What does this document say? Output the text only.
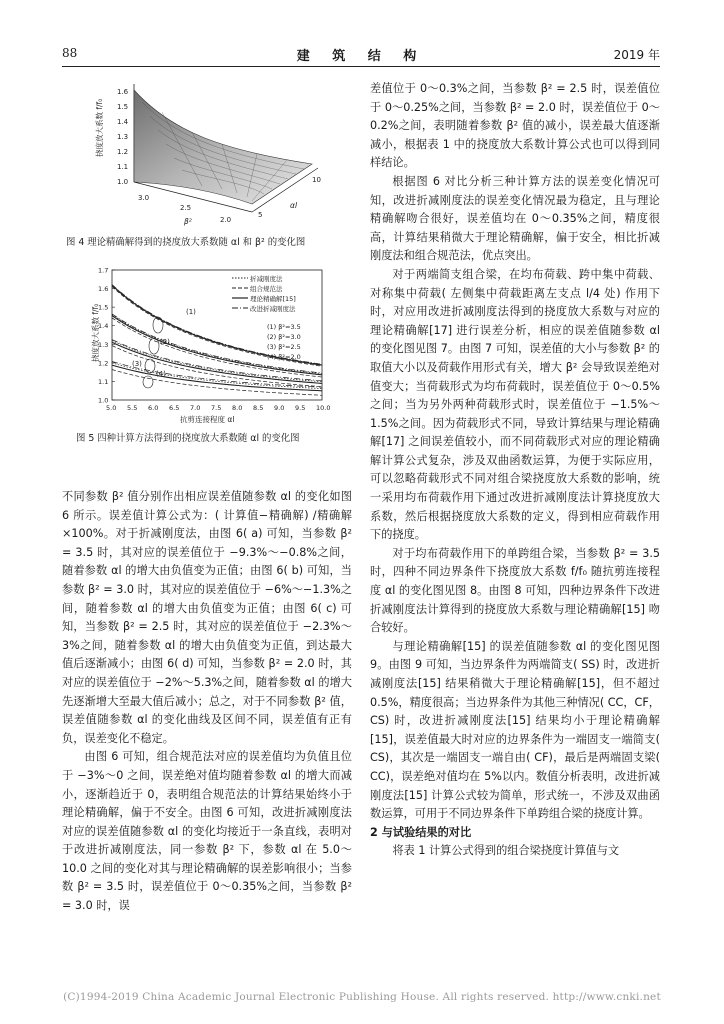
88	建 筑 结 构	2019 年
1.6
1.5
1.4
1.3
1.2
1.1
1.0
挠度放大系数 f/f₀
3.0
2.5
2.0
5
10
β²
αl
图 4 理论精确解得到的挠度放大系数随 αl 和 β² 的变化图
挠度放大系数 f/f₀
抗剪连接程度 αl
1.7
1.6
1.5
1.4
1.3
1.2
1.1
1.0
5.0 5.5 6.0 6.5 7.0 7.5 8.0 8.5 9.0 9.5 10.0
折减刚度法
组合规范法
理论精确解[15]
改进折减刚度法
(1) β²=3.5
(2) β²=3.0
(3) β²=2.5
(4) β²=2.0
(1)
(2)
(3)
(4)
图 5 四种计算方法得到的挠度放大系数随 αl 的变化图

不同参数 β² 值分别作出相应误差值随参数 αl 的变化如图 6 所示。误差值计算公式为：( 计算值−精确解) /精确解×100%。对于折减刚度法，由图 6( a) 可知，当参数 β² = 3.5 时，其对应的误差值位于 −9.3%～−0.8%之间，随着参数 αl 的增大由负值变为正值；由图 6( b) 可知，当参数 β² = 3.0 时，其对应的误差值位于 −6%～−1.3%之间，随着参数 αl 的增大由负值变为正值；由图 6( c) 可知，当参数 β² = 2.5 时，其对应的误差值位于 −2.3%～3%之间，随着参数 αl 的增大由负值变为正值，到达最大值后逐渐减小；由图 6( d) 可知，当参数 β² = 2.0 时，其对应的误差值位于 −2%～5.3%之间，随着参数 αl 的增大先逐渐增大至最大值后减小；总之，对于不同参数 β² 值，误差值随参数 αl 的变化曲线及区间不同，误差值有正有负，误差变化不稳定。

由图 6 可知，组合规范法对应的误差值均为负值且位于 −3%～0 之间，误差绝对值均随着参数 αl 的增大而减小，逐渐趋近于 0，表明组合规范法的计算结果始终小于理论精确解，偏于不安全。由图 6 可知，改进折减刚度法对应的误差值随参数 αl 的变化均接近于一条直线，表明对于改进折减刚度法，同一参数 β² 下，参数 αl 在 5.0～10.0 之间的变化对其与理论精确解的误差影响很小；当参数 β² = 3.5 时，误差值位于 0～0.35%之间，当参数 β² = 3.0 时，误

差值位于 0～0.3%之间，当参数 β² = 2.5 时，误差值位于 0～0.25%之间，当参数 β² = 2.0 时，误差值位于 0～0.2%之间，表明随着参数 β² 值的减小，误差最大值逐渐减小，根据表 1 中的挠度放大系数计算公式也可以得到同样结论。

根据图 6 对比分析三种计算方法的误差变化情况可知，改进折减刚度法的误差变化情况最为稳定，且与理论精确解吻合很好，误差值均在 0～0.35%之间，精度很高，计算结果稍微大于理论精确解，偏于安全，相比折减刚度法和组合规范法，优点突出。

对于两端简支组合梁，在均布荷载、跨中集中荷载、对称集中荷载( 左侧集中荷载距离左支点 l/4 处) 作用下时，对应用改进折减刚度法得到的挠度放大系数与对应的理论精确解[17] 进行误差分析，相应的误差值随参数 αl 的变化图见图 7。由图 7 可知，误差值的大小与参数 β² 的取值大小以及荷载作用形式有关，增大 β² 会导致误差绝对值变大；当荷载形式为均布荷载时，误差值位于 0～0.5%之间；当为另外两种荷载形式时，误差值位于 −1.5%～1.5%之间。因为荷载形式不同，导致计算结果与理论精确解[17] 之间误差值较小，而不同荷载形式对应的理论精确解计算公式复杂，涉及双曲函数运算，为便于实际应用，可以忽略荷载形式不同对组合梁挠度放大系数的影响，统一采用均布荷载作用下通过改进折减刚度法计算挠度放大系数，然后根据挠度放大系数的定义，得到相应荷载作用下的挠度。

对于均布荷载作用下的单跨组合梁，当参数 β² = 3.5 时，四种不同边界条件下挠度放大系数 f/f₀ 随抗剪连接程度 αl 的变化图见图 8。由图 8 可知，四种边界条件下改进折减刚度法计算得到的挠度放大系数与理论精确解[15] 吻合较好。

与理论精确解[15] 的误差值随参数 αl 的变化图见图 9。由图 9 可知，当边界条件为两端简支( SS) 时，改进折减刚度法[15] 结果稍微大于理论精确解[15]，但不超过 0.5%，精度很高；当边界条件为其他三种情况( CC，CF，CS) 时，改进折减刚度法[15] 结果均小于理论精确解[15]，误差值最大时对应的边界条件为一端固支一端简支( CS)，其次是一端固支一端自由( CF)，最后是两端固支梁( CC)，误差绝对值均在 5%以内。数值分析表明，改进折减刚度法[15] 计算公式较为简单，形式统一，不涉及双曲函数运算，可用于不同边界条件下单跨组合梁的挠度计算。

2 与试验结果的对比

将表 1 计算公式得到的组合梁挠度计算值与文

(C)1994-2019 China Academic Journal Electronic Publishing House. All rights reserved. http://www.cnki.net
